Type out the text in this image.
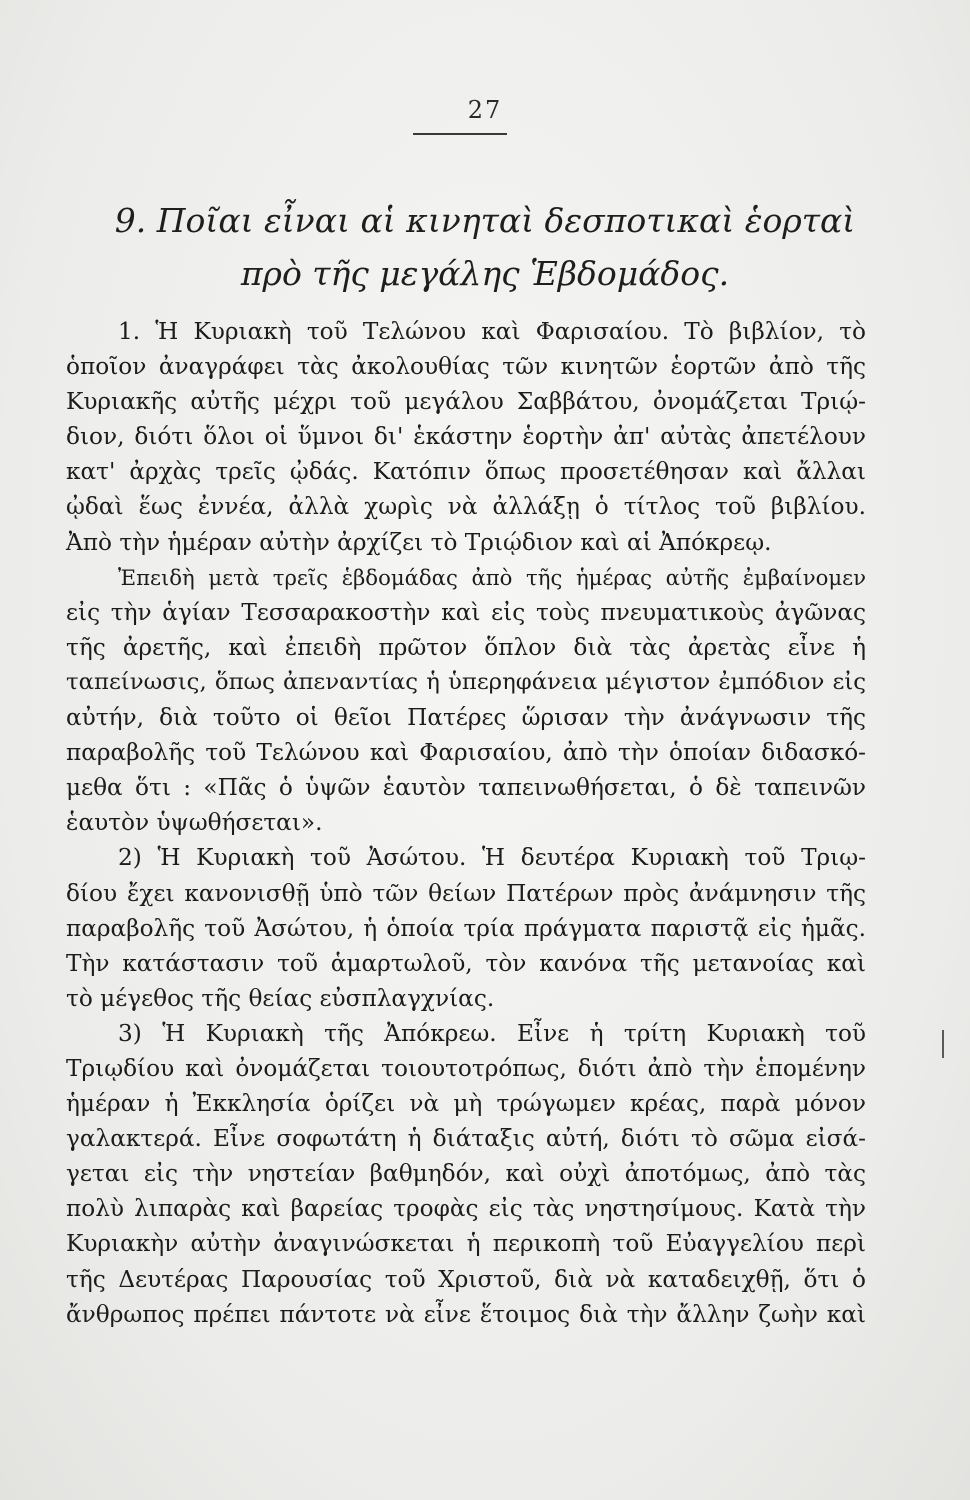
27
9. Ποῖαι εἶναι αἱ κινηταὶ δεσποτικαὶ ἑορταὶ
πρὸ τῆς μεγάλης Ἑβδομάδος.
1. Ἡ Κυριακὴ τοῦ Τελώνου καὶ Φαρισαίου. Τὸ βιβλίον, τὸ
ὁποῖον ἀναγράφει τὰς ἀκολουθίας τῶν κινητῶν ἑορτῶν ἀπὸ τῆς
Κυριακῆς αὐτῆς μέχρι τοῦ μεγάλου Σαββάτου, ὀνομάζεται Τριῴ-
διον, διότι ὅλοι οἱ ὕμνοι δι' ἑκάστην ἑορτὴν ἀπ' αὐτὰς ἀπετέλουν
κατ' ἀρχὰς τρεῖς ᾠδάς. Κατόπιν ὅπως προσετέθησαν καὶ ἄλλαι
ᾠδαὶ ἕως ἐννέα, ἀλλὰ χωρὶς νὰ ἀλλάξῃ ὁ τίτλος τοῦ βιβλίου.
Ἀπὸ τὴν ἡμέραν αὐτὴν ἀρχίζει τὸ Τριῴδιον καὶ αἱ Ἀπόκρεῳ.
Ἐπειδὴ μετὰ τρεῖς ἑβδομάδας ἀπὸ τῆς ἡμέρας αὐτῆς ἐμβαίνομεν
εἰς τὴν ἁγίαν Τεσσαρακοστὴν καὶ εἰς τοὺς πνευματικοὺς ἀγῶνας
τῆς ἀρετῆς, καὶ ἐπειδὴ πρῶτον ὅπλον διὰ τὰς ἀρετὰς εἶνε ἡ
ταπείνωσις, ὅπως ἀπεναντίας ἡ ὑπερηφάνεια μέγιστον ἐμπόδιον εἰς
αὐτήν, διὰ τοῦτο οἱ θεῖοι Πατέρες ὥρισαν τὴν ἀνάγνωσιν τῆς
παραβολῆς τοῦ Τελώνου καὶ Φαρισαίου, ἀπὸ τὴν ὁποίαν διδασκό-
μεθα ὅτι : «Πᾶς ὁ ὑψῶν ἑαυτὸν ταπεινωθήσεται, ὁ δὲ ταπεινῶν
ἑαυτὸν ὑψωθήσεται».
2) Ἡ Κυριακὴ τοῦ Ἀσώτου. Ἡ δευτέρα Κυριακὴ τοῦ Τριῳ-
δίου ἔχει κανονισθῇ ὑπὸ τῶν θείων Πατέρων πρὸς ἀνάμνησιν τῆς
παραβολῆς τοῦ Ἀσώτου, ἡ ὁποία τρία πράγματα παριστᾷ εἰς ἡμᾶς.
Τὴν κατάστασιν τοῦ ἁμαρτωλοῦ, τὸν κανόνα τῆς μετανοίας καὶ
τὸ μέγεθος τῆς θείας εὐσπλαγχνίας.
3) Ἡ Κυριακὴ τῆς Ἀπόκρεω. Εἶνε ἡ τρίτη Κυριακὴ τοῦ
Τριῳδίου καὶ ὀνομάζεται τοιουτοτρόπως, διότι ἀπὸ τὴν ἑπομένην
ἡμέραν ἡ Ἐκκλησία ὁρίζει νὰ μὴ τρώγωμεν κρέας, παρὰ μόνον
γαλακτερά. Εἶνε σοφωτάτη ἡ διάταξις αὐτή, διότι τὸ σῶμα εἰσά-
γεται εἰς τὴν νηστείαν βαθμηδόν, καὶ οὐχὶ ἀποτόμως, ἀπὸ τὰς
πολὺ λιπαρὰς καὶ βαρείας τροφὰς εἰς τὰς νηστησίμους. Κατὰ τὴν
Κυριακὴν αὐτὴν ἀναγινώσκεται ἡ περικοπὴ τοῦ Εὐαγγελίου περὶ
τῆς Δευτέρας Παρουσίας τοῦ Χριστοῦ, διὰ νὰ καταδειχθῇ, ὅτι ὁ
ἄνθρωπος πρέπει πάντοτε νὰ εἶνε ἕτοιμος διὰ τὴν ἄλλην ζωὴν καὶ
